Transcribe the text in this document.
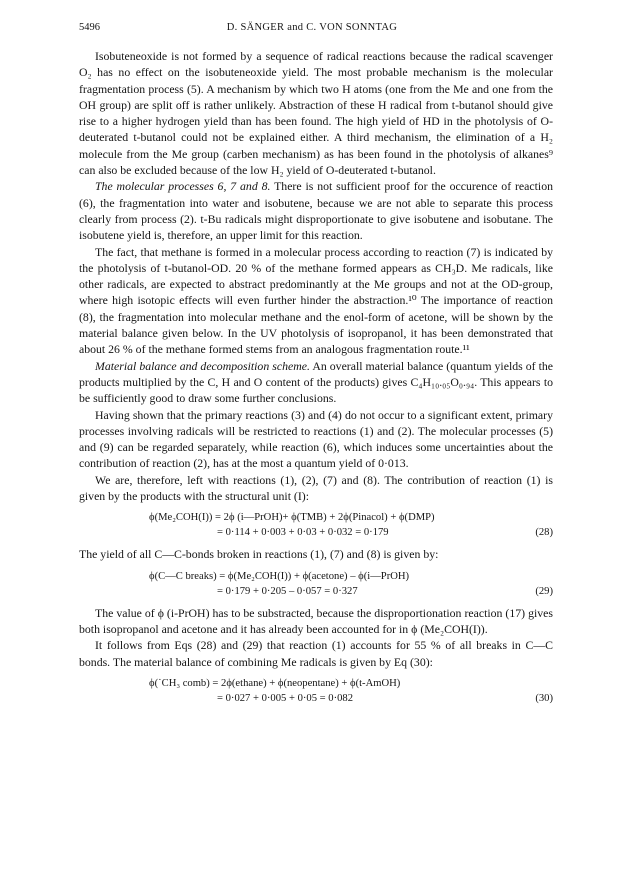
5496	D. SÄNGER and C. VON SONNTAG

Isobuteneoxide is not formed by a sequence of radical reactions because the radical scavenger O₂ has no effect on the isobuteneoxide yield. The most probable mechanism is the molecular fragmentation process (5). A mechanism by which two H atoms (one from the Me and one from the OH group) are split off is rather unlikely. Abstraction of these H radical from t-butanol should give rise to a higher hydrogen yield than has been found. The high yield of HD in the photolysis of O-deuterated t-butanol could not be explained either. A third mechanism, the elimination of a H₂ molecule from the Me group (carben mechanism) as has been found in the photolysis of alkanes⁹ can also be excluded because of the low H₂ yield of O-deuterated t-butanol.

The molecular processes 6, 7 and 8. There is not sufficient proof for the occurence of reaction (6), the fragmentation into water and isobutene, because we are not able to separate this process clearly from process (2). t-Bu radicals might disproportionate to give isobutene and isobutane. The isobutene yield is, therefore, an upper limit for this reaction.

The fact, that methane is formed in a molecular process according to reaction (7) is indicated by the photolysis of t-butanol-OD. 20 % of the methane formed appears as CH₃D. Me radicals, like other radicals, are expected to abstract predominantly at the Me groups and not at the OD-group, where high isotopic effects will even further hinder the abstraction.¹⁰ The importance of reaction (8), the fragmentation into molecular methane and the enol-form of acetone, will be shown by the material balance given below. In the UV photolysis of isopropanol, it has been demonstrated that about 26 % of the methane formed stems from an analogous fragmentation route.¹¹

Material balance and decomposition scheme. An overall material balance (quantum yields of the products multiplied by the C, H and O content of the products) gives C₄H₁₀.₀₅O₀.₉₄. This appears to be sufficiently good to draw some further conclusions.

Having shown that the primary reactions (3) and (4) do not occur to a significant extent, primary processes involving radicals will be restricted to reactions (1) and (2). The molecular processes (5) and (9) can be regarded separately, while reaction (6), which induces some uncertainties about the contribution of reaction (2), has at the most a quantum yield of 0·013.

We are, therefore, left with reactions (1), (2), (7) and (8). The contribution of reaction (1) is given by the products with the structural unit (I):

ϕ(Me₂COH(I)) = 2ϕ (i—PrOH)+ ϕ(TMB) + 2ϕ(Pinacol) + ϕ(DMP)
= 0·114 + 0·003 + 0·03 + 0·032 = 0·179	(28)

The yield of all C—C-bonds broken in reactions (1), (7) and (8) is given by:

ϕ(C—C breaks) = ϕ(Me₂COH(I)) + ϕ(acetone) – ϕ(i—PrOH)
= 0·179 + 0·205 – 0·057 = 0·327	(29)

The value of ϕ (i-PrOH) has to be substracted, because the disproportionation reaction (17) gives both isopropanol and acetone and it has already been accounted for in ϕ (Me₂COH(I)).

It follows from Eqs (28) and (29) that reaction (1) accounts for 55 % of all breaks in C—C bonds. The material balance of combining Me radicals is given by Eq (30):

ϕ(˙CH₃ comb) = 2ϕ(ethane) + ϕ(neopentane) + ϕ(t-AmOH)
= 0·027 + 0·005 + 0·05 = 0·082	(30)
